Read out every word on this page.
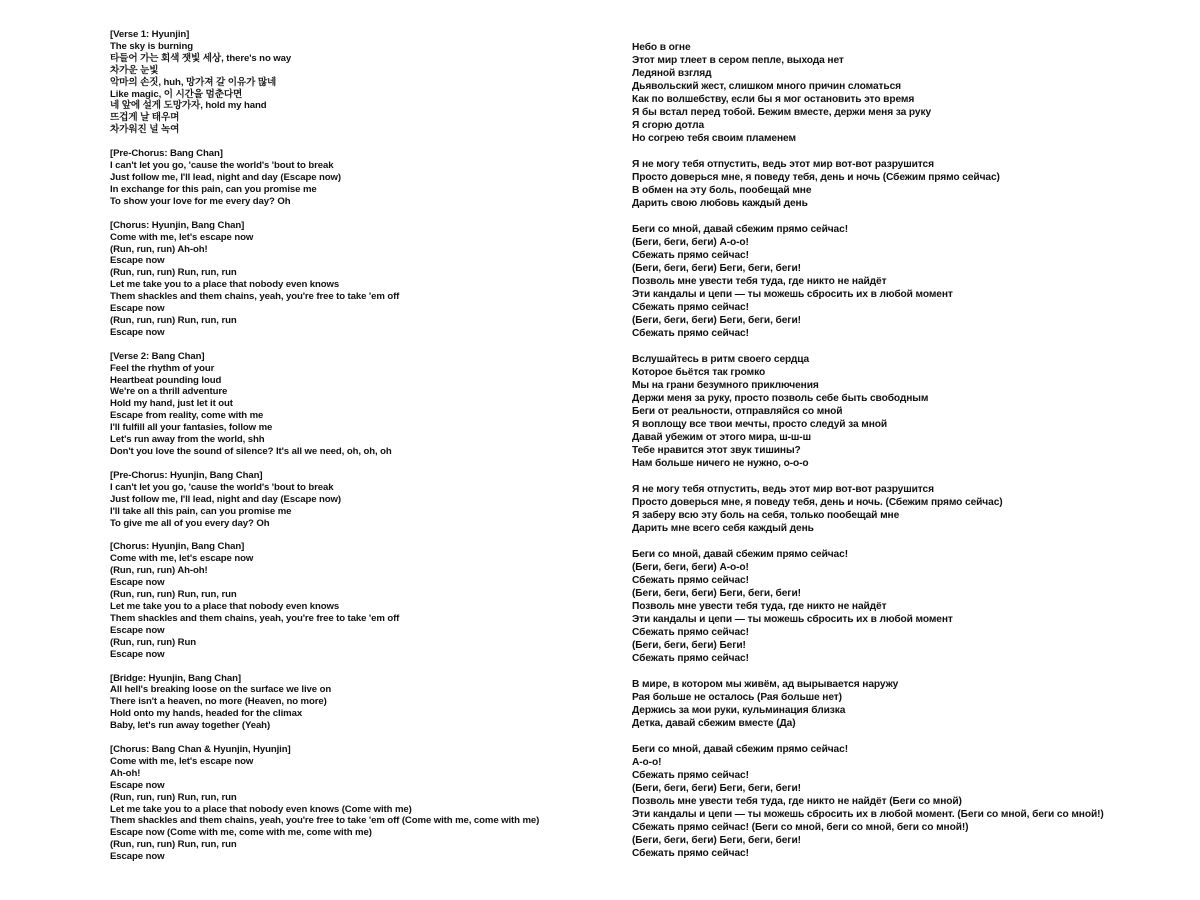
[Verse 1: Hyunjin]
The sky is burning
타들어 가는 회색 잿빛 세상, there's no way
차가운 눈빛
악마의 손짓, huh, 망가져 갈 이유가 많네
Like magic, 이 시간을 멈춘다면
네 앞에 설게 도망가자, hold my hand
뜨겁게 날 태우며
차가워진 널 녹여
[Pre-Chorus: Bang Chan]
I can't let you go, 'cause the world's 'bout to break
Just follow me, I'll lead, night and day (Escape now)
In exchange for this pain, can you promise me
To show your love for me every day? Oh
[Chorus: Hyunjin, Bang Chan]
Come with me, let's escape now
(Run, run, run) Ah-oh!
Escape now
(Run, run, run) Run, run, run
Let me take you to a place that nobody even knows
Them shackles and them chains, yeah, you're free to take 'em off
Escape now
(Run, run, run) Run, run, run
Escape now
[Verse 2: Bang Chan]
Feel the rhythm of your
Heartbeat pounding loud
We're on a thrill adventure
Hold my hand, just let it out
Escape from reality, come with me
I'll fulfill all your fantasies, follow me
Let's run away from the world, shh
Don't you love the sound of silence? It's all we need, oh, oh, oh
[Pre-Chorus: Hyunjin, Bang Chan]
I can't let you go, 'cause the world's 'bout to break
Just follow me, I'll lead, night and day (Escape now)
I'll take all this pain, can you promise me
To give me all of you every day? Oh
[Chorus: Hyunjin, Bang Chan]
Come with me, let's escape now
(Run, run, run) Ah-oh!
Escape now
(Run, run, run) Run, run, run
Let me take you to a place that nobody even knows
Them shackles and them chains, yeah, you're free to take 'em off
Escape now
(Run, run, run) Run
Escape now
[Bridge: Hyunjin, Bang Chan]
All hell's breaking loose on the surface we live on
There isn't a heaven, no more (Heaven, no more)
Hold onto my hands, headed for the climax
Baby, let's run away together (Yeah)
[Chorus: Bang Chan & Hyunjin, Hyunjin]
Come with me, let's escape now
Ah-oh!
Escape now
(Run, run, run) Run, run, run
Let me take you to a place that nobody even knows (Come with me)
Them shackles and them chains, yeah, you're free to take 'em off (Come with me, come with me)
Escape now (Come with me, come with me, come with me)
(Run, run, run) Run, run, run
Escape now
Небо в огне
Этот мир тлеет в сером пепле, выхода нет
Ледяной взгляд
Дьявольский жест, слишком много причин сломаться
Как по волшебству, если бы я мог остановить это время
Я бы встал перед тобой. Бежим вместе, держи меня за руку
Я сгорю дотла
Но согрею тебя своим пламенем
Я не могу тебя отпустить, ведь этот мир вот-вот разрушится
Просто доверься мне, я поведу тебя, день и ночь (Сбежим прямо сейчас)
В обмен на эту боль, пообещай мне
Дарить свою любовь каждый день
Беги со мной, давай сбежим прямо сейчас!
(Беги, беги, беги) А-о-о!
Сбежать прямо сейчас!
(Беги, беги, беги) Беги, беги, беги!
Позволь мне увести тебя туда, где никто не найдёт
Эти кандалы и цепи — ты можешь сбросить их в любой момент
Сбежать прямо сейчас!
(Беги, беги, беги) Беги, беги, беги!
Сбежать прямо сейчас!
Вслушайтесь в ритм своего сердца
Которое бьётся так громко
Мы на грани безумного приключения
Держи меня за руку, просто позволь себе быть свободным
Беги от реальности, отправляйся со мной
Я воплощу все твои мечты, просто следуй за мной
Давай убежим от этого мира, ш-ш-ш
Тебе нравится этот звук тишины?
Нам больше ничего не нужно, о-о-о
Я не могу тебя отпустить, ведь этот мир вот-вот разрушится
Просто доверься мне, я поведу тебя, день и ночь. (Сбежим прямо сейчас)
Я заберу всю эту боль на себя, только пообещай мне
Дарить мне всего себя каждый день
Беги со мной, давай сбежим прямо сейчас!
(Беги, беги, беги) А-о-о!
Сбежать прямо сейчас!
(Беги, беги, беги) Беги, беги, беги!
Позволь мне увести тебя туда, где никто не найдёт
Эти кандалы и цепи — ты можешь сбросить их в любой момент
Сбежать прямо сейчас!
(Беги, беги, беги) Беги!
Сбежать прямо сейчас!
В мире, в котором мы живём, ад вырывается наружу
Рая больше не осталось (Рая больше нет)
Держись за мои руки, кульминация близка
Детка, давай сбежим вместе (Да)
Беги со мной, давай сбежим прямо сейчас!
А-о-о!
Сбежать прямо сейчас!
(Беги, беги, беги) Беги, беги, беги!
Позволь мне увести тебя туда, где никто не найдёт (Беги со мной)
Эти кандалы и цепи — ты можешь сбросить их в любой момент. (Беги со мной, беги со мной!)
Сбежать прямо сейчас! (Беги со мной, беги со мной, беги со мной!)
(Беги, беги, беги) Беги, беги, беги!
Сбежать прямо сейчас!
